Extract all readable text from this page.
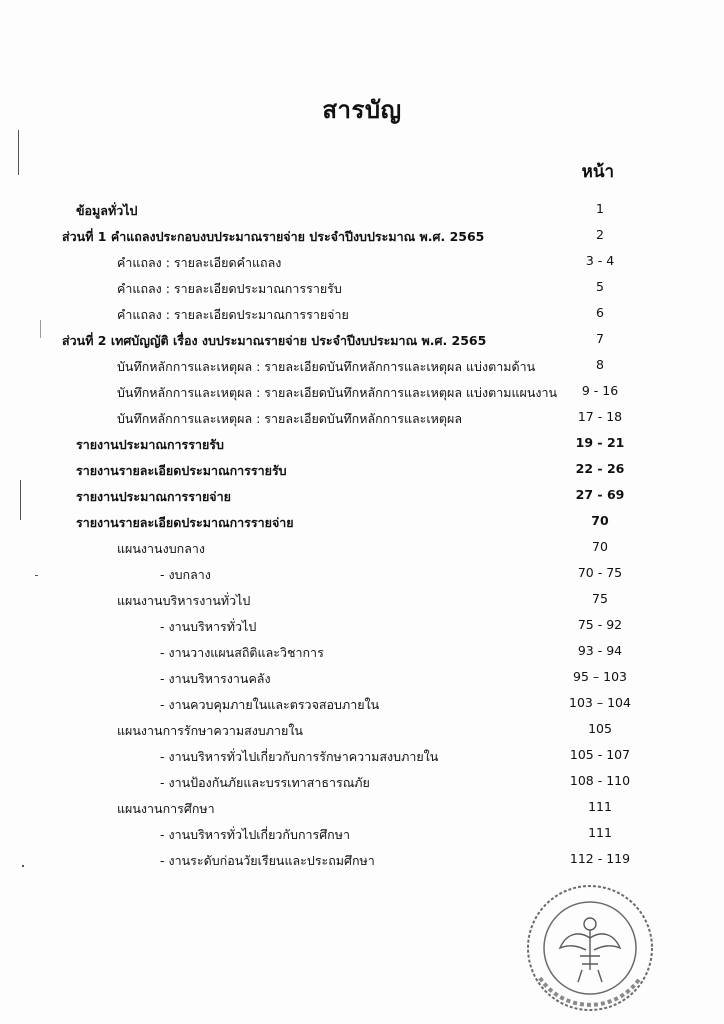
สารบัญ
หน้า
ข้อมูลทั่วไป	1
ส่วนที่ 1 คำแถลงประกอบงบประมาณรายจ่าย ประจำปีงบประมาณ พ.ศ. 2565	2
คำแถลง : รายละเอียดคำแถลง	3 - 4
คำแถลง : รายละเอียดประมาณการรายรับ	5
คำแถลง : รายละเอียดประมาณการรายจ่าย	6
ส่วนที่ 2 เทศบัญญัติ เรื่อง งบประมาณรายจ่าย ประจำปีงบประมาณ พ.ศ. 2565	7
บันทึกหลักการและเหตุผล : รายละเอียดบันทึกหลักการและเหตุผล แบ่งตามด้าน	8
บันทึกหลักการและเหตุผล : รายละเอียดบันทึกหลักการและเหตุผล แบ่งตามแผนงาน	9 - 16
บันทึกหลักการและเหตุผล : รายละเอียดบันทึกหลักการและเหตุผล	17 - 18
รายงานประมาณการรายรับ	19 - 21
รายงานรายละเอียดประมาณการรายรับ	22 - 26
รายงานประมาณการรายจ่าย	27 - 69
รายงานรายละเอียดประมาณการรายจ่าย	70
แผนงานงบกลาง	70
- งบกลาง	70 - 75
แผนงานบริหารงานทั่วไป	75
- งานบริหารทั่วไป	75 - 92
- งานวางแผนสถิติและวิชาการ	93 - 94
- งานบริหารงานคลัง	95 – 103
- งานควบคุมภายในและตรวจสอบภายใน	103 – 104
แผนงานการรักษาความสงบภายใน	105
- งานบริหารทั่วไปเกี่ยวกับการรักษาความสงบภายใน	105 - 107
- งานป้องกันภัยและบรรเทาสาธารณภัย	108 - 110
แผนงานการศึกษา	111
- งานบริหารทั่วไปเกี่ยวกับการศึกษา	111
- งานระดับก่อนวัยเรียนและประถมศึกษา	112 - 119
